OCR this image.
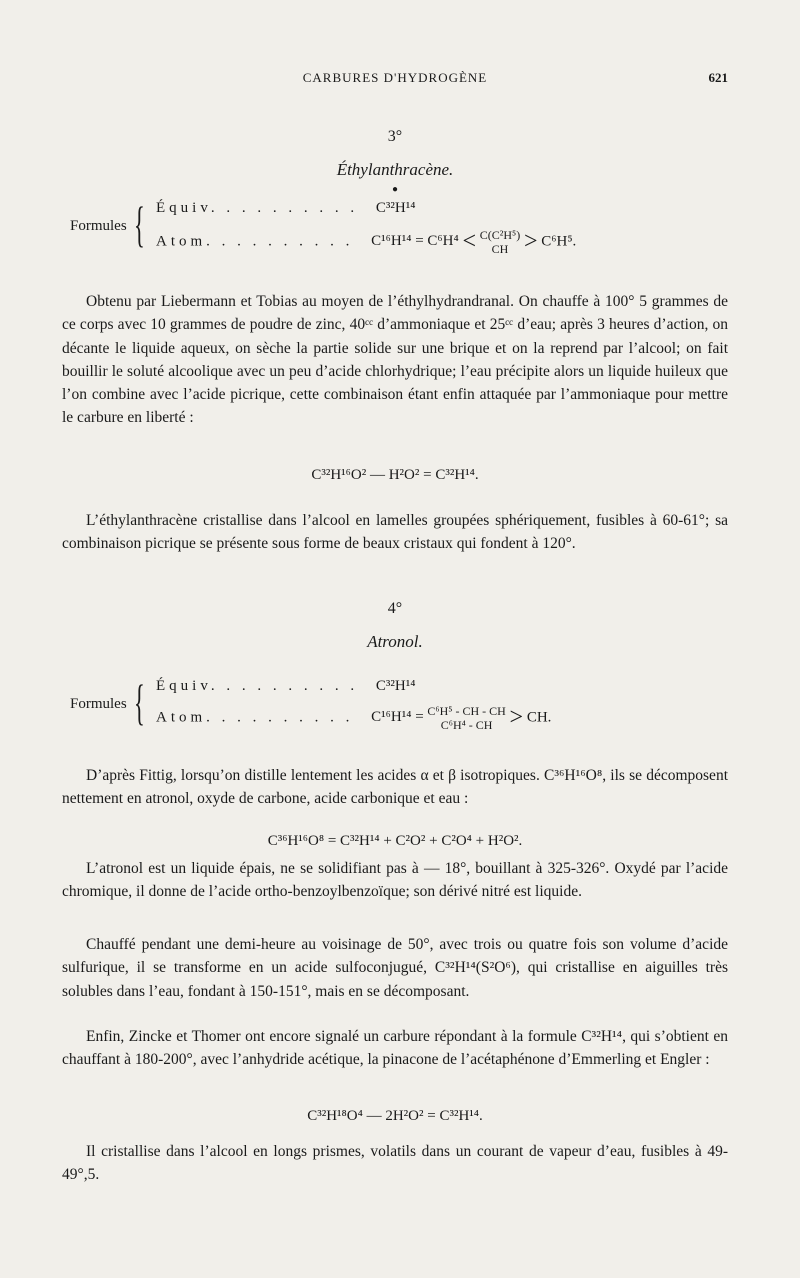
CARBURES D'HYDROGÈNE	621
3°
Éthylanthracène.
●
Formules { Équiv. . . . . . . . . . C³²H¹⁴
Atom. . . . . . . . . . C¹⁶H¹⁴ = C⁶H⁴ < C(C²H⁵)
CH > C⁶H⁵.

Obtenu par Liebermann et Tobias au moyen de l’éthylhydrandranal. On chauffe à 100° 5 grammes de ce corps avec 10 grammes de poudre de zinc, 40ᶜᶜ d’ammoniaque et 25ᶜᶜ d’eau; après 3 heures d’action, on décante le liquide aqueux, on sèche la partie solide sur une brique et on la reprend par l’alcool; on fait bouillir le soluté alcoolique avec un peu d’acide chlorhydrique; l’eau précipite alors un liquide huileux que l’on combine avec l’acide picrique, cette combinaison étant enfin attaquée par l’ammoniaque pour mettre le carbure en liberté :

C³²H¹⁶O² — H²O² = C³²H¹⁴.

L’éthylanthracène cristallise dans l’alcool en lamelles groupées sphériquement, fusibles à 60-61°; sa combinaison picrique se présente sous forme de beaux cristaux qui fondent à 120°.

4°
Atronol.
Formules { Équiv. . . . . . . . . . C³²H¹⁴
Atom. . . . . . . . . . C¹⁶H¹⁴ = C⁶H⁵ - CH - CH
C⁶H⁴ - CH > CH.

D’après Fittig, lorsqu’on distille lentement les acides α et β isotropiques. C³⁶H¹⁶O⁸, ils se décomposent nettement en atronol, oxyde de carbone, acide carbonique et eau :

C³⁶H¹⁶O⁸ = C³²H¹⁴ + C²O² + C²O⁴ + H²O².

L’atronol est un liquide épais, ne se solidifiant pas à — 18°, bouillant à 325-326°. Oxydé par l’acide chromique, il donne de l’acide ortho-benzoylbenzoïque; son dérivé nitré est liquide.

Chauffé pendant une demi-heure au voisinage de 50°, avec trois ou quatre fois son volume d’acide sulfurique, il se transforme en un acide sulfoconjugué, C³²H¹⁴(S²O⁶), qui cristallise en aiguilles très solubles dans l’eau, fondant à 150-151°, mais en se décomposant.

Enfin, Zincke et Thomer ont encore signalé un carbure répondant à la formule C³²H¹⁴, qui s’obtient en chauffant à 180-200°, avec l’anhydride acétique, la pinacone de l’acétaphénone d’Emmerling et Engler :

C³²H¹⁸O⁴ — 2H²O² = C³²H¹⁴.

Il cristallise dans l’alcool en longs prismes, volatils dans un courant de vapeur d’eau, fusibles à 49-49°,5.
